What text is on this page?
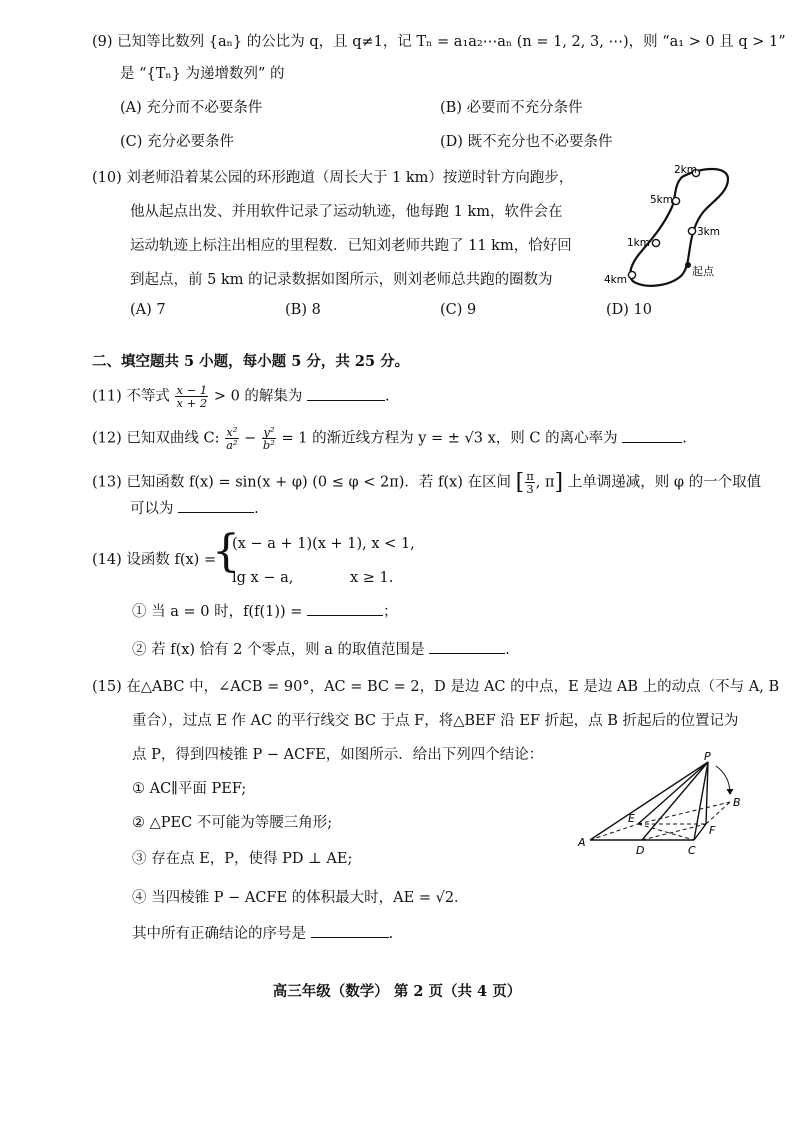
(9) 已知等比数列 {aₙ} 的公比为 q，且 q≠1，记 Tₙ = a₁a₂⋯aₙ (n = 1, 2, 3, ⋯)，则 “a₁ > 0 且 q > 1”
是 “{Tₙ} 为递增数列” 的
(A) 充分而不必要条件	(B) 必要而不充分条件
(C) 充分必要条件	(D) 既不充分也不必要条件
(10) 刘老师沿着某公园的环形跑道（周长大于 1 km）按逆时针方向跑步，
他从起点出发、并用软件记录了运动轨迹，他每跑 1 km，软件会在
运动轨迹上标注出相应的里程数．已知刘老师共跑了 11 km，恰好回
到起点，前 5 km 的记录数据如图所示，则刘老师总共跑的圈数为
(A) 7	(B) 8	(C) 9	(D) 10
2km
5km
3km
1km
4km
起点
二、填空题共 5 小题，每小题 5 分，共 25 分。
(11) 不等式 $\frac{x - 1}{x + 2} > 0$ 的解集为	.
(12) 已知双曲线 C: $\frac{\text{x²}}{\text{a²}} - \frac{\text{y²}}{\text{b²}} = 1$ 的渐近线方程为 y = ± √3 x，则 C 的离心率为	.
(13) 已知函数 f(x) = sin(x + φ) (0 ≤ φ < 2π)．若 f(x) 在区间 [ $\frac{\pi}{3}$ , π] 上单调递减，则 φ 的一个取值
可以为	.
(14) 设函数 f(x) =
{
(x − a + 1)(x + 1), x < 1,
lg x − a,	x ≥ 1.
① 当 a = 0 时，f(f(1)) =	；
② 若 f(x) 恰有 2 个零点，则 a 的取值范围是	.
(15) 在△ABC 中，∠ACB = 90°，AC = BC = 2，D 是边 AC 的中点，E 是边 AB 上的动点（不与 A, B
重合），过点 E 作 AC 的平行线交 BC 于点 F，将△BEF 沿 EF 折起，点 B 折起后的位置记为
点 P，得到四棱锥 P − ACFE，如图所示．给出下列四个结论：
① AC∥平面 PEF;
② △PEC 不可能为等腰三角形;
③ 存在点 E，P，使得 PD ⊥ AE;
④ 当四棱锥 P − ACFE 的体积最大时，AE = √2．
其中所有正确结论的序号是	.
P
B
E
F
A
D	C
高三年级（数学） 第 2 页（共 4 页）
